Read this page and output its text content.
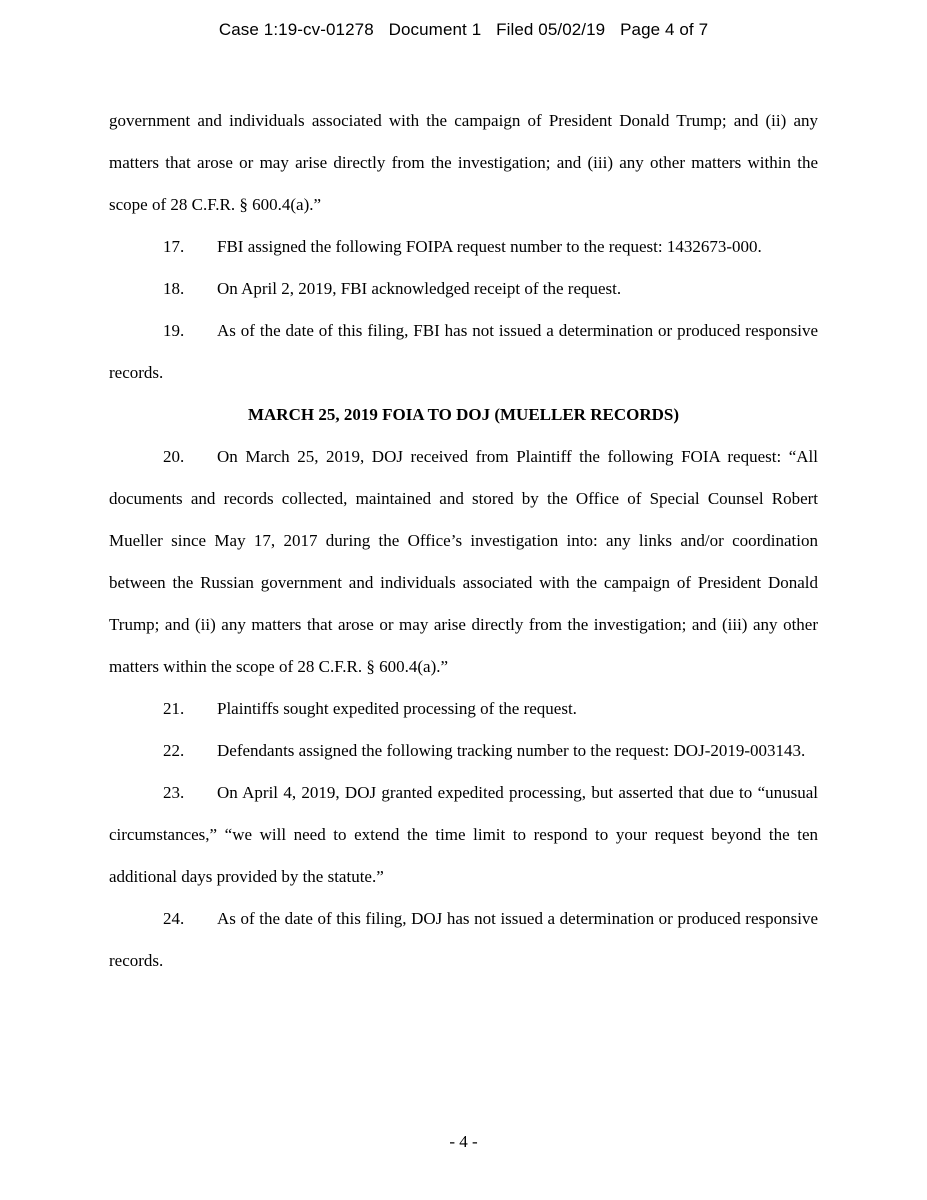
Case 1:19-cv-01278 Document 1 Filed 05/02/19 Page 4 of 7

government and individuals associated with the campaign of President Donald Trump; and (ii) any matters that arose or may arise directly from the investigation; and (iii) any other matters within the scope of 28 C.F.R. § 600.4(a).”

17. FBI assigned the following FOIPA request number to the request: 1432673-000.

18. On April 2, 2019, FBI acknowledged receipt of the request.

19. As of the date of this filing, FBI has not issued a determination or produced responsive records.

MARCH 25, 2019 FOIA TO DOJ (MUELLER RECORDS)

20. On March 25, 2019, DOJ received from Plaintiff the following FOIA request: “All documents and records collected, maintained and stored by the Office of Special Counsel Robert Mueller since May 17, 2017 during the Office’s investigation into: any links and/or coordination between the Russian government and individuals associated with the campaign of President Donald Trump; and (ii) any matters that arose or may arise directly from the investigation; and (iii) any other matters within the scope of 28 C.F.R. § 600.4(a).”

21. Plaintiffs sought expedited processing of the request.

22. Defendants assigned the following tracking number to the request: DOJ-2019-003143.

23. On April 4, 2019, DOJ granted expedited processing, but asserted that due to “unusual circumstances,” “we will need to extend the time limit to respond to your request beyond the ten additional days provided by the statute.”

24. As of the date of this filing, DOJ has not issued a determination or produced responsive records.

- 4 -
